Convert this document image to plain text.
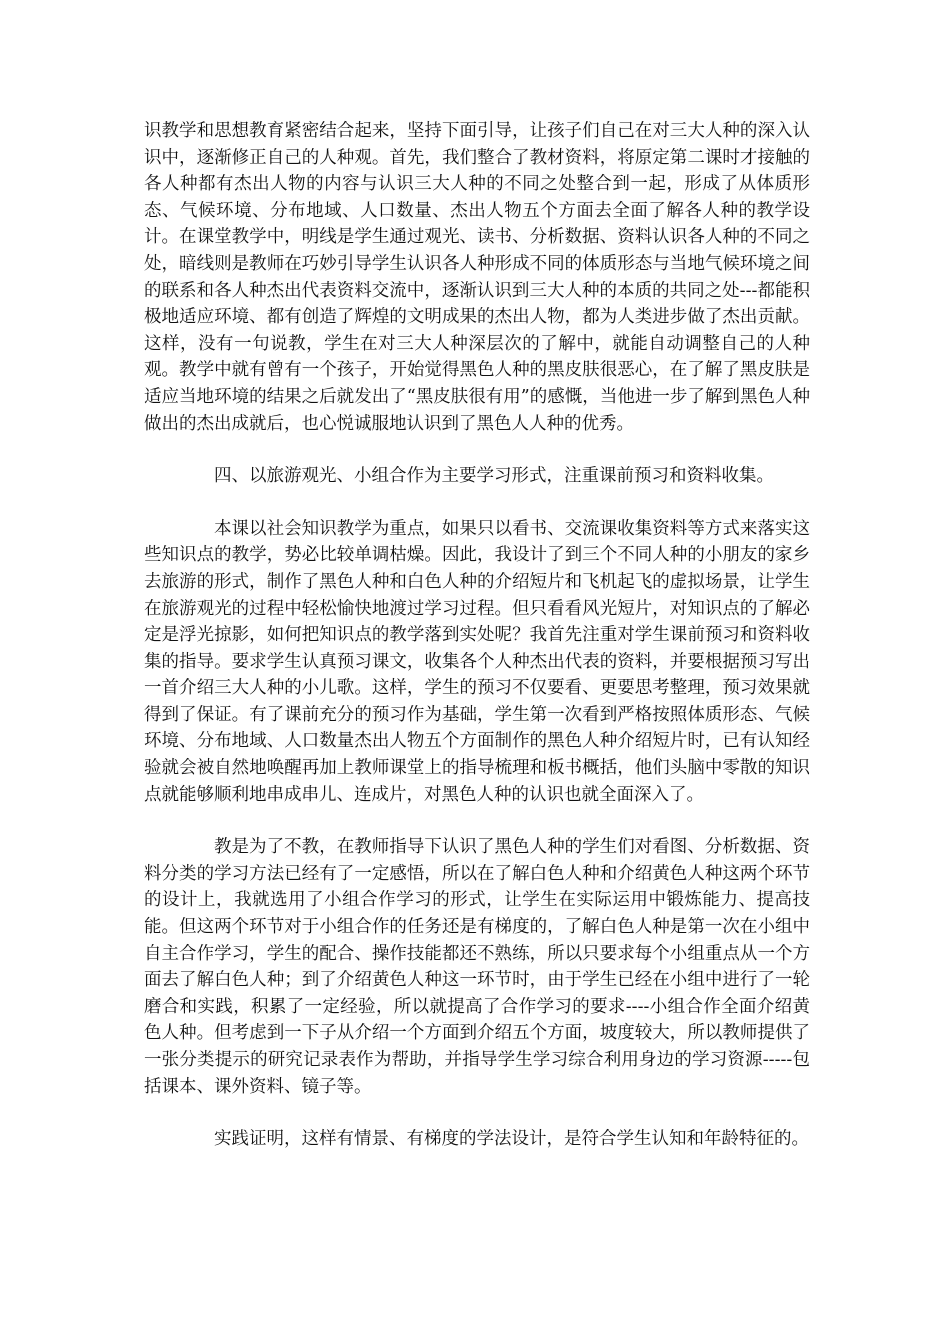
识教学和思想教育紧密结合起来，坚持下面引导，让孩子们自己在对三大人种的深入认识中，逐渐修正自己的人种观。首先，我们整合了教材资料，将原定第二课时才接触的各人种都有杰出人物的内容与认识三大人种的不同之处整合到一起，形成了从体质形态、气候环境、分布地域、人口数量、杰出人物五个方面去全面了解各人种的教学设计。在课堂教学中，明线是学生通过观光、读书、分析数据、资料认识各人种的不同之处，暗线则是教师在巧妙引导学生认识各人种形成不同的体质形态与当地气候环境之间的联系和各人种杰出代表资料交流中，逐渐认识到三大人种的本质的共同之处---都能积极地适应环境、都有创造了辉煌的文明成果的杰出人物，都为人类进步做了杰出贡献。这样，没有一句说教，学生在对三大人种深层次的了解中，就能自动调整自己的人种观。教学中就有曾有一个孩子，开始觉得黑色人种的黑皮肤很恶心，在了解了黑皮肤是适应当地环境的结果之后就发出了“黑皮肤很有用”的感慨，当他进一步了解到黑色人种做出的杰出成就后，也心悦诚服地认识到了黑色人人种的优秀。

四、以旅游观光、小组合作为主要学习形式，注重课前预习和资料收集。

本课以社会知识教学为重点，如果只以看书、交流课收集资料等方式来落实这些知识点的教学，势必比较单调枯燥。因此，我设计了到三个不同人种的小朋友的家乡去旅游的形式，制作了黑色人种和白色人种的介绍短片和飞机起飞的虚拟场景，让学生在旅游观光的过程中轻松愉快地渡过学习过程。但只看看风光短片，对知识点的了解必定是浮光掠影，如何把知识点的教学落到实处呢？我首先注重对学生课前预习和资料收集的指导。要求学生认真预习课文，收集各个人种杰出代表的资料，并要根据预习写出一首介绍三大人种的小儿歌。这样，学生的预习不仅要看、更要思考整理，预习效果就得到了保证。有了课前充分的预习作为基础，学生第一次看到严格按照体质形态、气候环境、分布地域、人口数量杰出人物五个方面制作的黑色人种介绍短片时，已有认知经验就会被自然地唤醒再加上教师课堂上的指导梳理和板书概括，他们头脑中零散的知识点就能够顺利地串成串儿、连成片，对黑色人种的认识也就全面深入了。

教是为了不教，在教师指导下认识了黑色人种的学生们对看图、分析数据、资料分类的学习方法已经有了一定感悟，所以在了解白色人种和介绍黄色人种这两个环节的设计上，我就选用了小组合作学习的形式，让学生在实际运用中锻炼能力、提高技能。但这两个环节对于小组合作的任务还是有梯度的，了解白色人种是第一次在小组中自主合作学习，学生的配合、操作技能都还不熟练，所以只要求每个小组重点从一个方面去了解白色人种；到了介绍黄色人种这一环节时，由于学生已经在小组中进行了一轮磨合和实践，积累了一定经验，所以就提高了合作学习的要求----小组合作全面介绍黄色人种。但考虑到一下子从介绍一个方面到介绍五个方面，坡度较大，所以教师提供了一张分类提示的研究记录表作为帮助，并指导学生学习综合利用身边的学习资源-----包括课本、课外资料、镜子等。

实践证明，这样有情景、有梯度的学法设计，是符合学生认知和年龄特征的。
